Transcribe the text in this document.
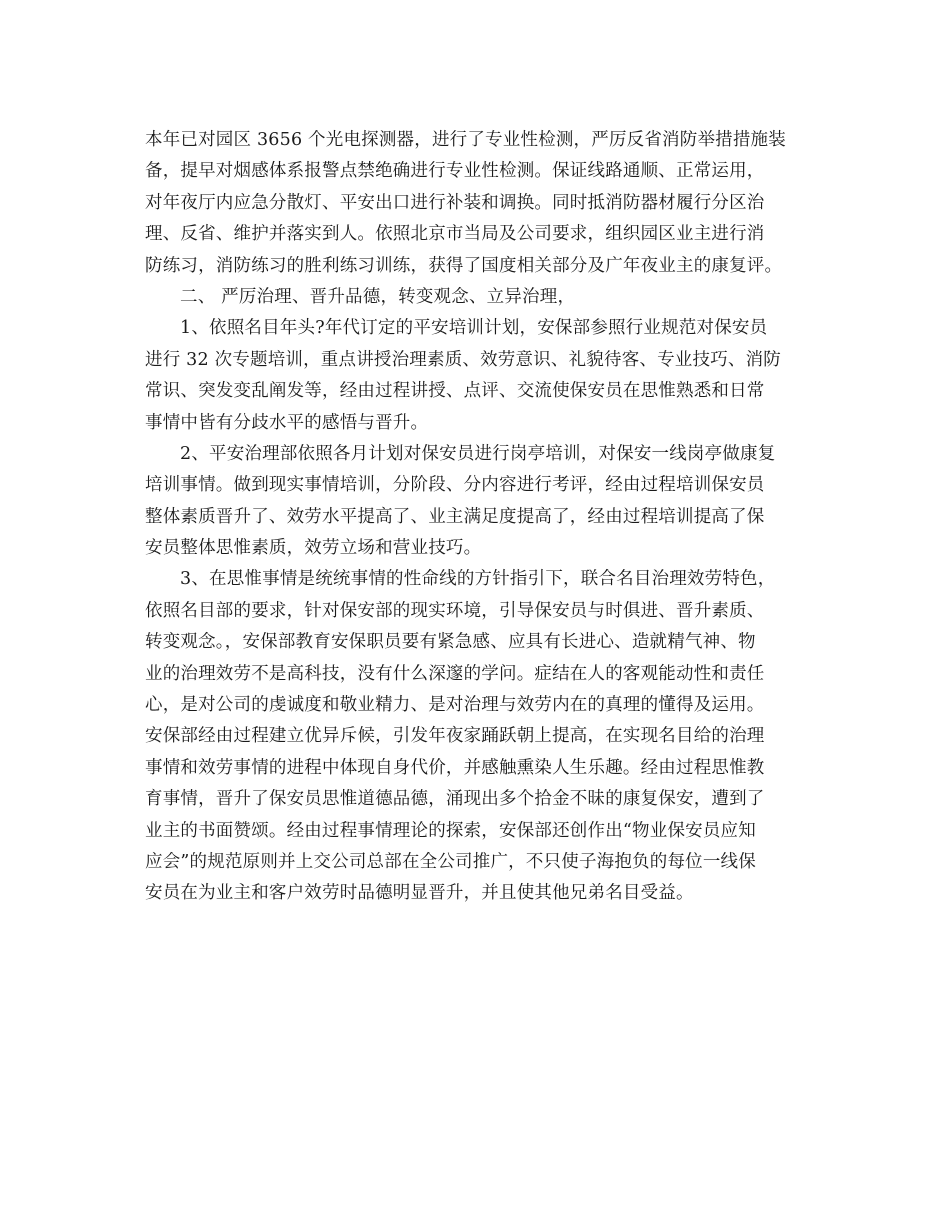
本年已对园区 3656 个光电探测器，进行了专业性检测，严厉反省消防举措措施装
备，提早对烟感体系报警点禁绝确进行专业性检测。保证线路通顺、正常运用，
对年夜厅内应急分散灯、平安出口进行补装和调换。同时抵消防器材履行分区治
理、反省、维护并落实到人。依照北京市当局及公司要求，组织园区业主进行消
防练习，消防练习的胜利练习训练，获得了国度相关部分及广年夜业主的康复评。
二、 严厉治理、晋升品德，转变观念、立异治理，
1、依照名目年头?年代订定的平安培训计划，安保部参照行业规范对保安员
进行 32 次专题培训，重点讲授治理素质、效劳意识、礼貌待客、专业技巧、消防
常识、突发变乱阐发等，经由过程讲授、点评、交流使保安员在思惟熟悉和日常
事情中皆有分歧水平的感悟与晋升。
2、平安治理部依照各月计划对保安员进行岗亭培训，对保安一线岗亭做康复
培训事情。做到现实事情培训，分阶段、分内容进行考评，经由过程培训保安员
整体素质晋升了、效劳水平提高了、业主满足度提高了，经由过程培训提高了保
安员整体思惟素质，效劳立场和营业技巧。
3、在思惟事情是统统事情的性命线的方针指引下，联合名目治理效劳特色，
依照名目部的要求，针对保安部的现实环境，引导保安员与时俱进、晋升素质、
转变观念。，安保部教育安保职员要有紧急感、应具有长进心、造就精气神、物
业的治理效劳不是高科技，没有什么深邃的学问。症结在人的客观能动性和责任
心，是对公司的虔诚度和敬业精力、是对治理与效劳内在的真理的懂得及运用。
安保部经由过程建立优异斥候，引发年夜家踊跃朝上提高，在实现名目给的治理
事情和效劳事情的进程中体现自身代价，并感触熏染人生乐趣。经由过程思惟教
育事情，晋升了保安员思惟道德品德，涌现出多个拾金不昧的康复保安，遭到了
业主的书面赞颂。经由过程事情理论的探索，安保部还创作出“物业保安员应知
应会”的规范原则并上交公司总部在全公司推广，不只使子海抱负的每位一线保
安员在为业主和客户效劳时品德明显晋升，并且使其他兄弟名目受益。
